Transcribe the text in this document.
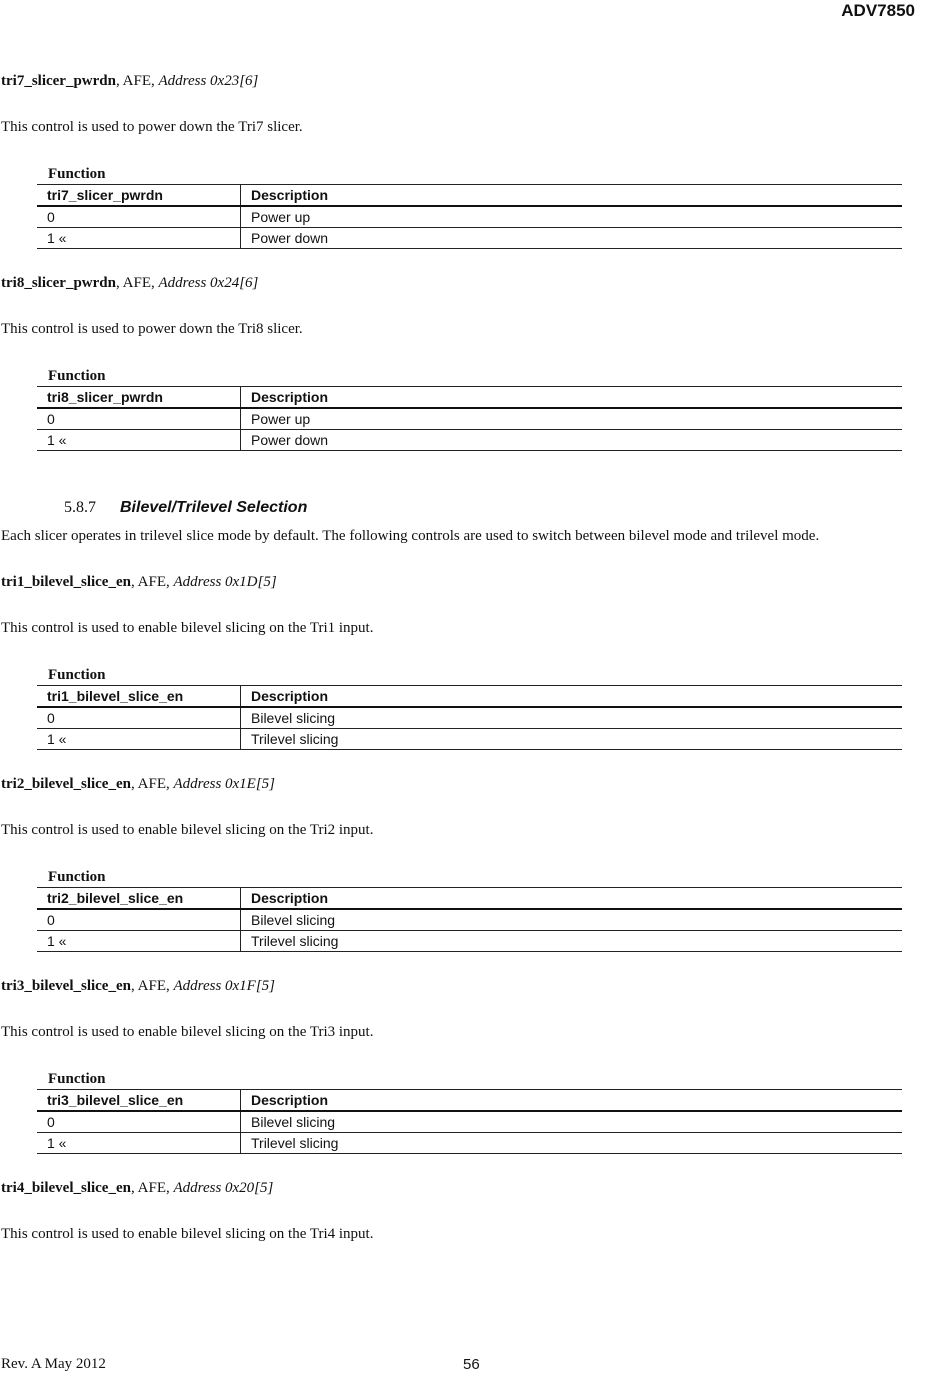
ADV7850
tri7_slicer_pwrdn, AFE, Address 0x23[6]
This control is used to power down the Tri7 slicer.
Function
tri7_slicer_pwrdn	Description
0	Power up
1 «	Power down
tri8_slicer_pwrdn, AFE, Address 0x24[6]
This control is used to power down the Tri8 slicer.
Function
tri8_slicer_pwrdn	Description
0	Power up
1 «	Power down
5.8.7 Bilevel/Trilevel Selection
Each slicer operates in trilevel slice mode by default. The following controls are used to switch between bilevel mode and trilevel mode.
tri1_bilevel_slice_en, AFE, Address 0x1D[5]
This control is used to enable bilevel slicing on the Tri1 input.
Function
tri1_bilevel_slice_en	Description
0	Bilevel slicing
1 «	Trilevel slicing
tri2_bilevel_slice_en, AFE, Address 0x1E[5]
This control is used to enable bilevel slicing on the Tri2 input.
Function
tri2_bilevel_slice_en	Description
0	Bilevel slicing
1 «	Trilevel slicing
tri3_bilevel_slice_en, AFE, Address 0x1F[5]
This control is used to enable bilevel slicing on the Tri3 input.
Function
tri3_bilevel_slice_en	Description
0	Bilevel slicing
1 «	Trilevel slicing
tri4_bilevel_slice_en, AFE, Address 0x20[5]
This control is used to enable bilevel slicing on the Tri4 input.
Rev. A May 2012	56
